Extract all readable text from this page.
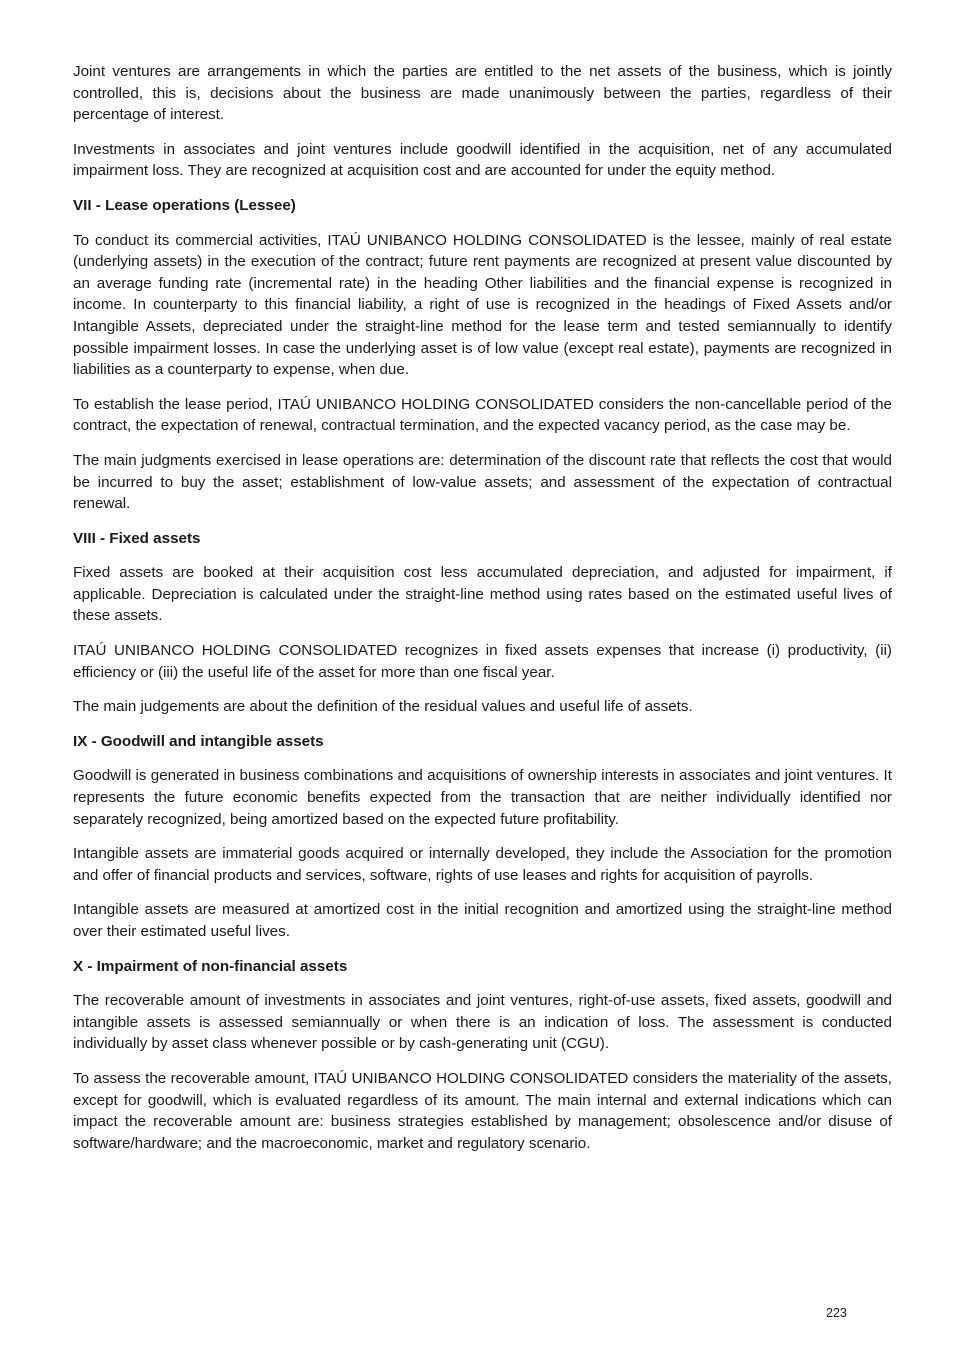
Joint ventures are arrangements in which the parties are entitled to the net assets of the business, which is jointly controlled, this is, decisions about the business are made unanimously between the parties, regardless of their percentage of interest.

Investments in associates and joint ventures include goodwill identified in the acquisition, net of any accumulated impairment loss. They are recognized at acquisition cost and are accounted for under the equity method.

VII - Lease operations (Lessee)

To conduct its commercial activities, ITAÚ UNIBANCO HOLDING CONSOLIDATED is the lessee, mainly of real estate (underlying assets) in the execution of the contract; future rent payments are recognized at present value discounted by an average funding rate (incremental rate) in the heading Other liabilities and the financial expense is recognized in income. In counterparty to this financial liability, a right of use is recognized in the headings of Fixed Assets and/or Intangible Assets, depreciated under the straight-line method for the lease term and tested semiannually to identify possible impairment losses. In case the underlying asset is of low value (except real estate), payments are recognized in liabilities as a counterparty to expense, when due.

To establish the lease period, ITAÚ UNIBANCO HOLDING CONSOLIDATED considers the non-cancellable period of the contract, the expectation of renewal, contractual termination, and the expected vacancy period, as the case may be.

The main judgments exercised in lease operations are: determination of the discount rate that reflects the cost that would be incurred to buy the asset; establishment of low-value assets; and assessment of the expectation of contractual renewal.

VIII - Fixed assets

Fixed assets are booked at their acquisition cost less accumulated depreciation, and adjusted for impairment, if applicable. Depreciation is calculated under the straight-line method using rates based on the estimated useful lives of these assets.

ITAÚ UNIBANCO HOLDING CONSOLIDATED recognizes in fixed assets expenses that increase (i) productivity, (ii) efficiency or (iii) the useful life of the asset for more than one fiscal year.

The main judgements are about the definition of the residual values and useful life of assets.

IX - Goodwill and intangible assets

Goodwill is generated in business combinations and acquisitions of ownership interests in associates and joint ventures. It represents the future economic benefits expected from the transaction that are neither individually identified nor separately recognized, being amortized based on the expected future profitability.

Intangible assets are immaterial goods acquired or internally developed, they include the Association for the promotion and offer of financial products and services, software, rights of use leases and rights for acquisition of payrolls.

Intangible assets are measured at amortized cost in the initial recognition and amortized using the straight-line method over their estimated useful lives.

X - Impairment of non-financial assets

The recoverable amount of investments in associates and joint ventures, right-of-use assets, fixed assets, goodwill and intangible assets is assessed semiannually or when there is an indication of loss. The assessment is conducted individually by asset class whenever possible or by cash-generating unit (CGU).

To assess the recoverable amount, ITAÚ UNIBANCO HOLDING CONSOLIDATED considers the materiality of the assets, except for goodwill, which is evaluated regardless of its amount. The main internal and external indications which can impact the recoverable amount are: business strategies established by management; obsolescence and/or disuse of software/hardware; and the macroeconomic, market and regulatory scenario.

223
